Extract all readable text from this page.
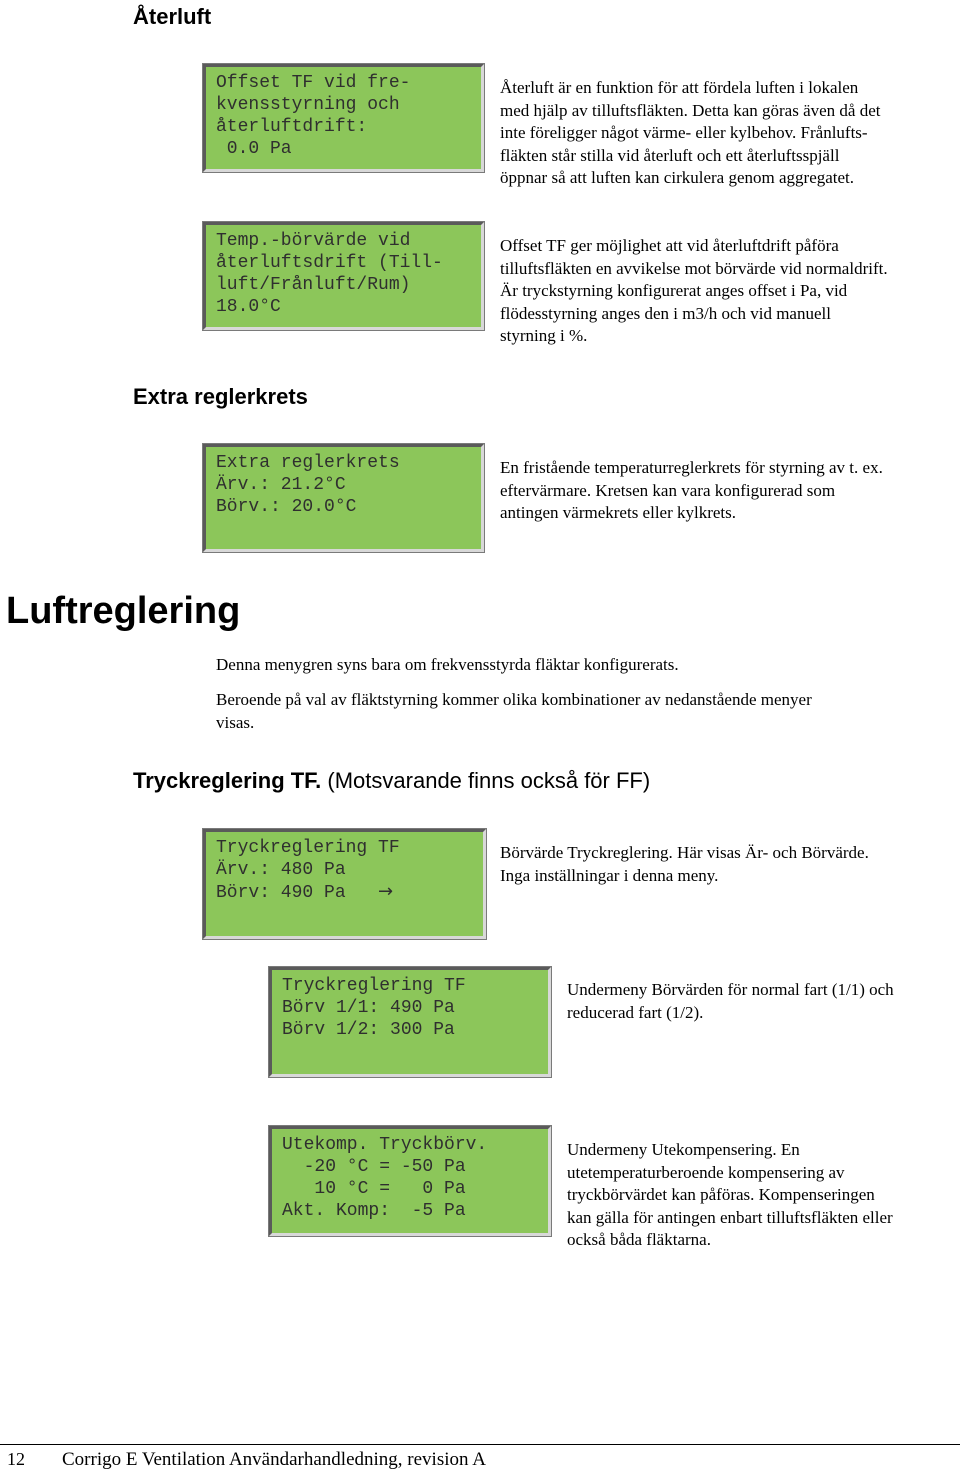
Återluft
Offset TF vid fre-
kvensstyrning och
återluftdrift:
0.0 Pa
Återluft är en funktion för att fördela luften i lokalen
med hjälp av tilluftsfläkten. Detta kan göras även då det
inte föreligger något värme- eller kylbehov. Frånlufts-
fläkten står stilla vid återluft och ett återluftsspjäll
öppnar så att luften kan cirkulera genom aggregatet.
Temp.-börvärde vid
återluftsdrift (Till-
luft/Frånluft/Rum)
18.0°C
Offset TF ger möjlighet att vid återluftdrift påföra
tilluftsfläkten en avvikelse mot börvärde vid normaldrift.
Är tryckstyrning konfigurerat anges offset i Pa, vid
flödesstyrning anges den i m3/h och vid manuell
styrning i %.
Extra reglerkrets
Extra reglerkrets
Ärv.: 21.2°C
Börv.: 20.0°C
En fristående temperaturreglerkrets för styrning av t. ex.
eftervärmare. Kretsen kan vara konfigurerad som
antingen värmekrets eller kylkrets.
Luftreglering
Denna menygren syns bara om frekvensstyrda fläktar konfigurerats.
Beroende på val av fläktstyrning kommer olika kombinationer av nedanstående menyer
visas.
Tryckreglering TF. (Motsvarande finns också för FF)
Tryckreglering TF
Ärv.: 480 Pa
Börv: 490 Pa   →
Börvärde Tryckreglering. Här visas Är- och Börvärde.
Inga inställningar i denna meny.
Tryckreglering TF
Börv 1/1: 490 Pa
Börv 1/2: 300 Pa
Undermeny Börvärden för normal fart (1/1) och
reducerad fart (1/2).
Utekomp. Tryckbörv.
-20 °C = -50 Pa
10 °C =   0 Pa
Akt. Komp:  -5 Pa
Undermeny Utekompensering. En
utetemperaturberoende kompensering av
tryckbörvärdet kan påföras. Kompenseringen
kan gälla för antingen enbart tilluftsfläkten eller
också båda fläktarna.
12 Corrigo E Ventilation Användarhandledning, revision A
